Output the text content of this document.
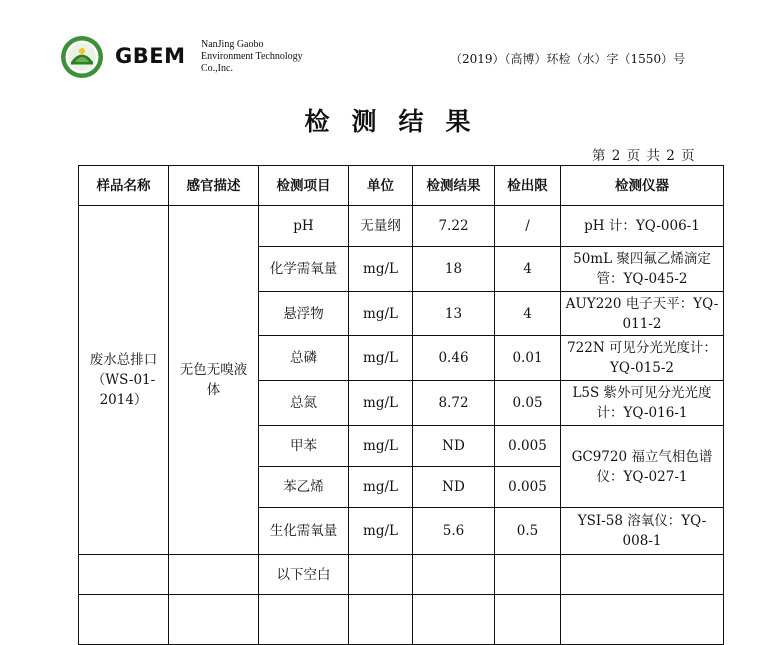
GBEM NanJing Gaobo
Environment Technology
Co.,Inc.
（2019）（高博）环检（水）字（1550）号
检测结果
第 2 页 共 2 页
样品名称	感官描述	检测项目	单位	检测结果	检出限	检测仪器
废水总排口（WS-01-2014）	无色无嗅液体	pH	无量纲	7.22	/	pH 计：YQ-006-1
		化学需氧量	mg/L	18	4	50mL 聚四氟乙烯滴定管：YQ-045-2
		悬浮物	mg/L	13	4	AUY220 电子天平：YQ-011-2
		总磷	mg/L	0.46	0.01	722N 可见分光光度计：YQ-015-2
		总氮	mg/L	8.72	0.05	L5S 紫外可见分光光度计：YQ-016-1
		甲苯	mg/L	ND	0.005	GC9720 福立气相色谱仪：YQ-027-1
		苯乙烯	mg/L	ND	0.005	
		生化需氧量	mg/L	5.6	0.5	YSI-58 溶氧仪：YQ-008-1
		以下空白				
